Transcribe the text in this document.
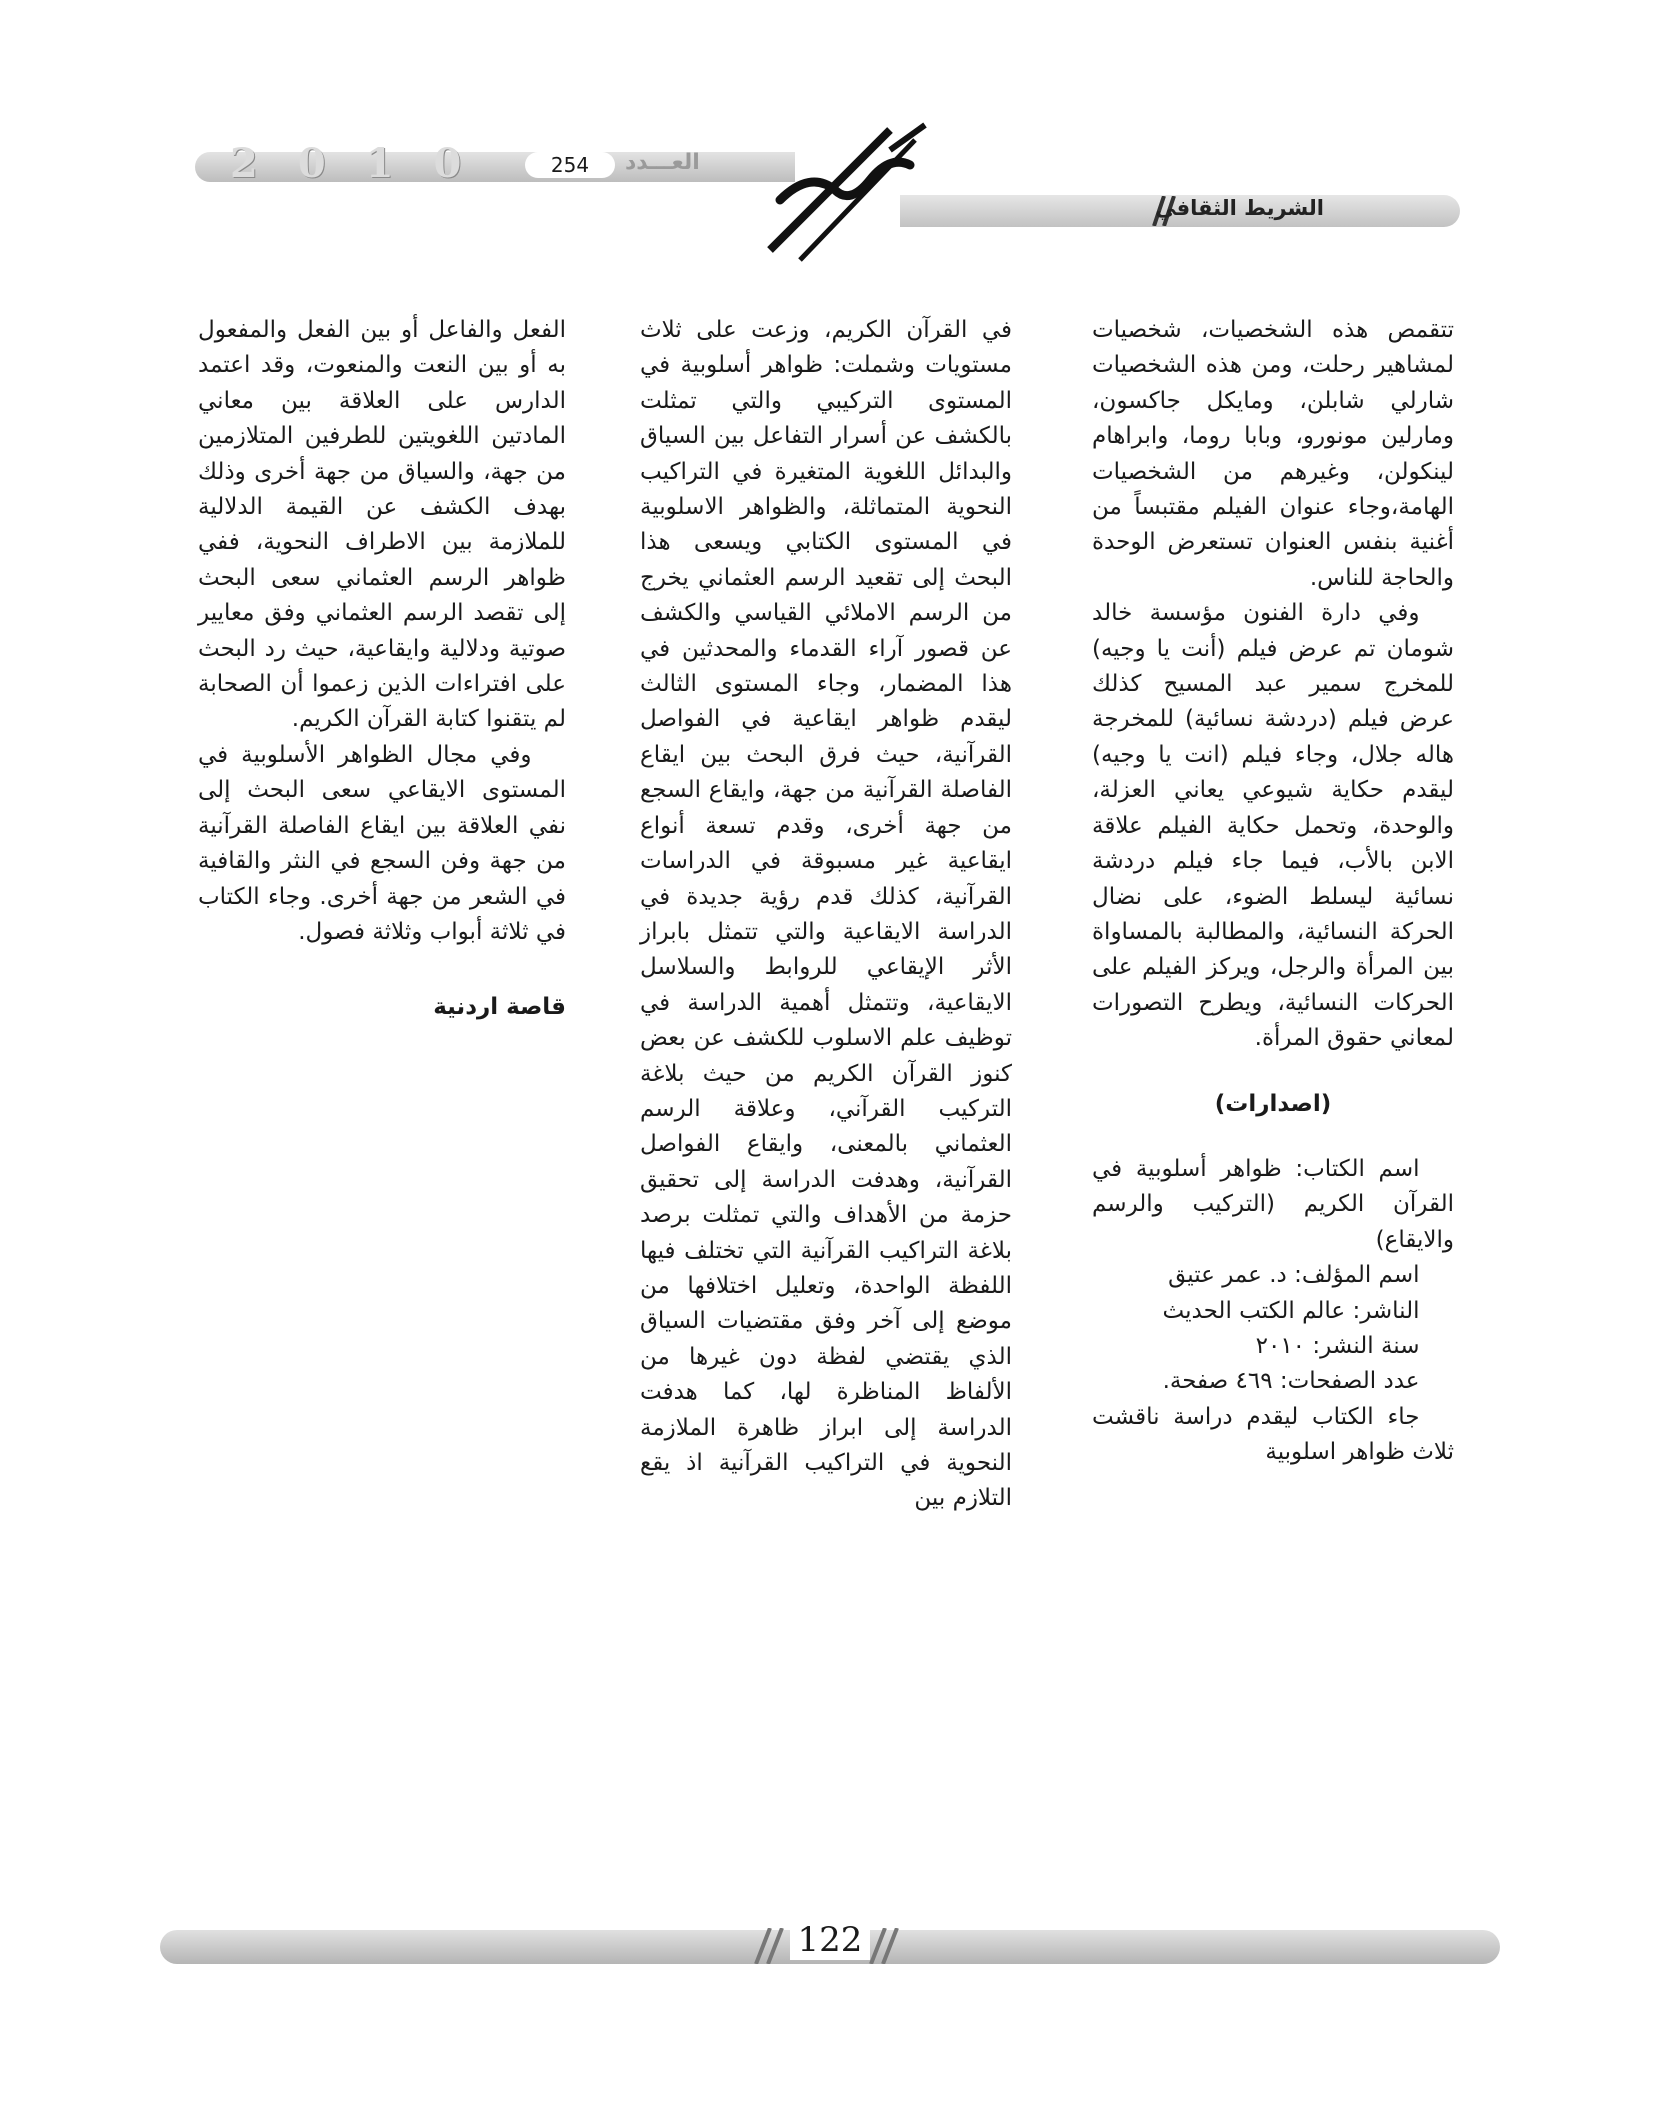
2 0 1 0	254	العـــدد
الشريط الثقافي

تتقمص هذه الشخصيات، شخصيات لمشاهير رحلت، ومن هذه الشخصيات شارلي شابلن، ومايكل جاكسون، ومارلين مونورو، وبابا روما، وابراهام لينكولن، وغيرهم من الشخصيات الهامة،وجاء عنوان الفيلم مقتبساً من أغنية بنفس العنوان تستعرض الوحدة والحاجة للناس.

وفي دارة الفنون مؤسسة خالد شومان تم عرض فيلم (أنت يا وجيه) للمخرج سمير عبد المسيح كذلك عرض فيلم (دردشة نسائية) للمخرجة هاله جلال، وجاء فيلم (انت يا وجيه) ليقدم حكاية شيوعي يعاني العزلة، والوحدة، وتحمل حكاية الفيلم علاقة الابن بالأب، فيما جاء فيلم دردشة نسائية ليسلط الضوء، على نضال الحركة النسائية، والمطالبة بالمساواة بين المرأة والرجل، ويركز الفيلم على الحركات النسائية، ويطرح التصورات لمعاني حقوق المرأة.

(اصدارات)

اسم الكتاب: ظواهر أسلوبية في القرآن الكريم (التركيب والرسم والايقاع)

اسم المؤلف: د. عمر عتيق

الناشر: عالم الكتب الحديث

سنة النشر: ٢٠١٠

عدد الصفحات: ٤٦٩ صفحة.

جاء الكتاب ليقدم دراسة ناقشت ثلاث ظواهر اسلوبية

في القرآن الكريم، وزعت على ثلاث مستويات وشملت: ظواهر أسلوبية في المستوى التركيبي والتي تمثلت بالكشف عن أسرار التفاعل بين السياق والبدائل اللغوية المتغيرة في التراكيب النحوية المتماثلة، والظواهر الاسلوبية في المستوى الكتابي ويسعى هذا البحث إلى تقعيد الرسم العثماني يخرج من الرسم الاملائي القياسي والكشف عن قصور آراء القدماء والمحدثين في هذا المضمار، وجاء المستوى الثالث ليقدم ظواهر ايقاعية في الفواصل القرآنية، حيث فرق البحث بين ايقاع الفاصلة القرآنية من جهة، وايقاع السجع من جهة أخرى، وقدم تسعة أنواع ايقاعية غير مسبوقة في الدراسات القرآنية، كذلك قدم رؤية جديدة في الدراسة الايقاعية والتي تتمثل بابراز الأثر الإيقاعي للروابط والسلاسل الايقاعية، وتتمثل أهمية الدراسة في توظيف علم الاسلوب للكشف عن بعض كنوز القرآن الكريم من حيث بلاغة التركيب القرآني، وعلاقة الرسم العثماني بالمعنى، وايقاع الفواصل القرآنية، وهدفت الدراسة إلى تحقيق حزمة من الأهداف والتي تمثلت برصد بلاغة التراكيب القرآنية التي تختلف فيها اللفظة الواحدة، وتعليل اختلافها من موضع إلى آخر وفق مقتضيات السياق الذي يقتضي لفظة دون غيرها من الألفاظ المناظرة لها، كما هدفت الدراسة إلى ابراز ظاهرة الملازمة النحوية في التراكيب القرآنية اذ يقع التلازم بين

الفعل والفاعل أو بين الفعل والمفعول به أو بين النعت والمنعوت، وقد اعتمد الدارس على العلاقة بين معاني المادتين اللغويتين للطرفين المتلازمين من جهة، والسياق من جهة أخرى وذلك بهدف الكشف عن القيمة الدلالية للملازمة بين الاطراف النحوية، ففي ظواهر الرسم العثماني سعى البحث إلى تقصد الرسم العثماني وفق معايير صوتية ودلالية وايقاعية، حيث رد البحث على افتراءات الذين زعموا أن الصحابة لم يتقنوا كتابة القرآن الكريم.

وفي مجال الظواهر الأسلوبية في المستوى الايقاعي سعى البحث إلى نفي العلاقة بين ايقاع الفاصلة القرآنية من جهة وفن السجع في النثر والقافية في الشعر من جهة أخرى. وجاء الكتاب في ثلاثة أبواب وثلاثة فصول.

قاصة اردنية

122
